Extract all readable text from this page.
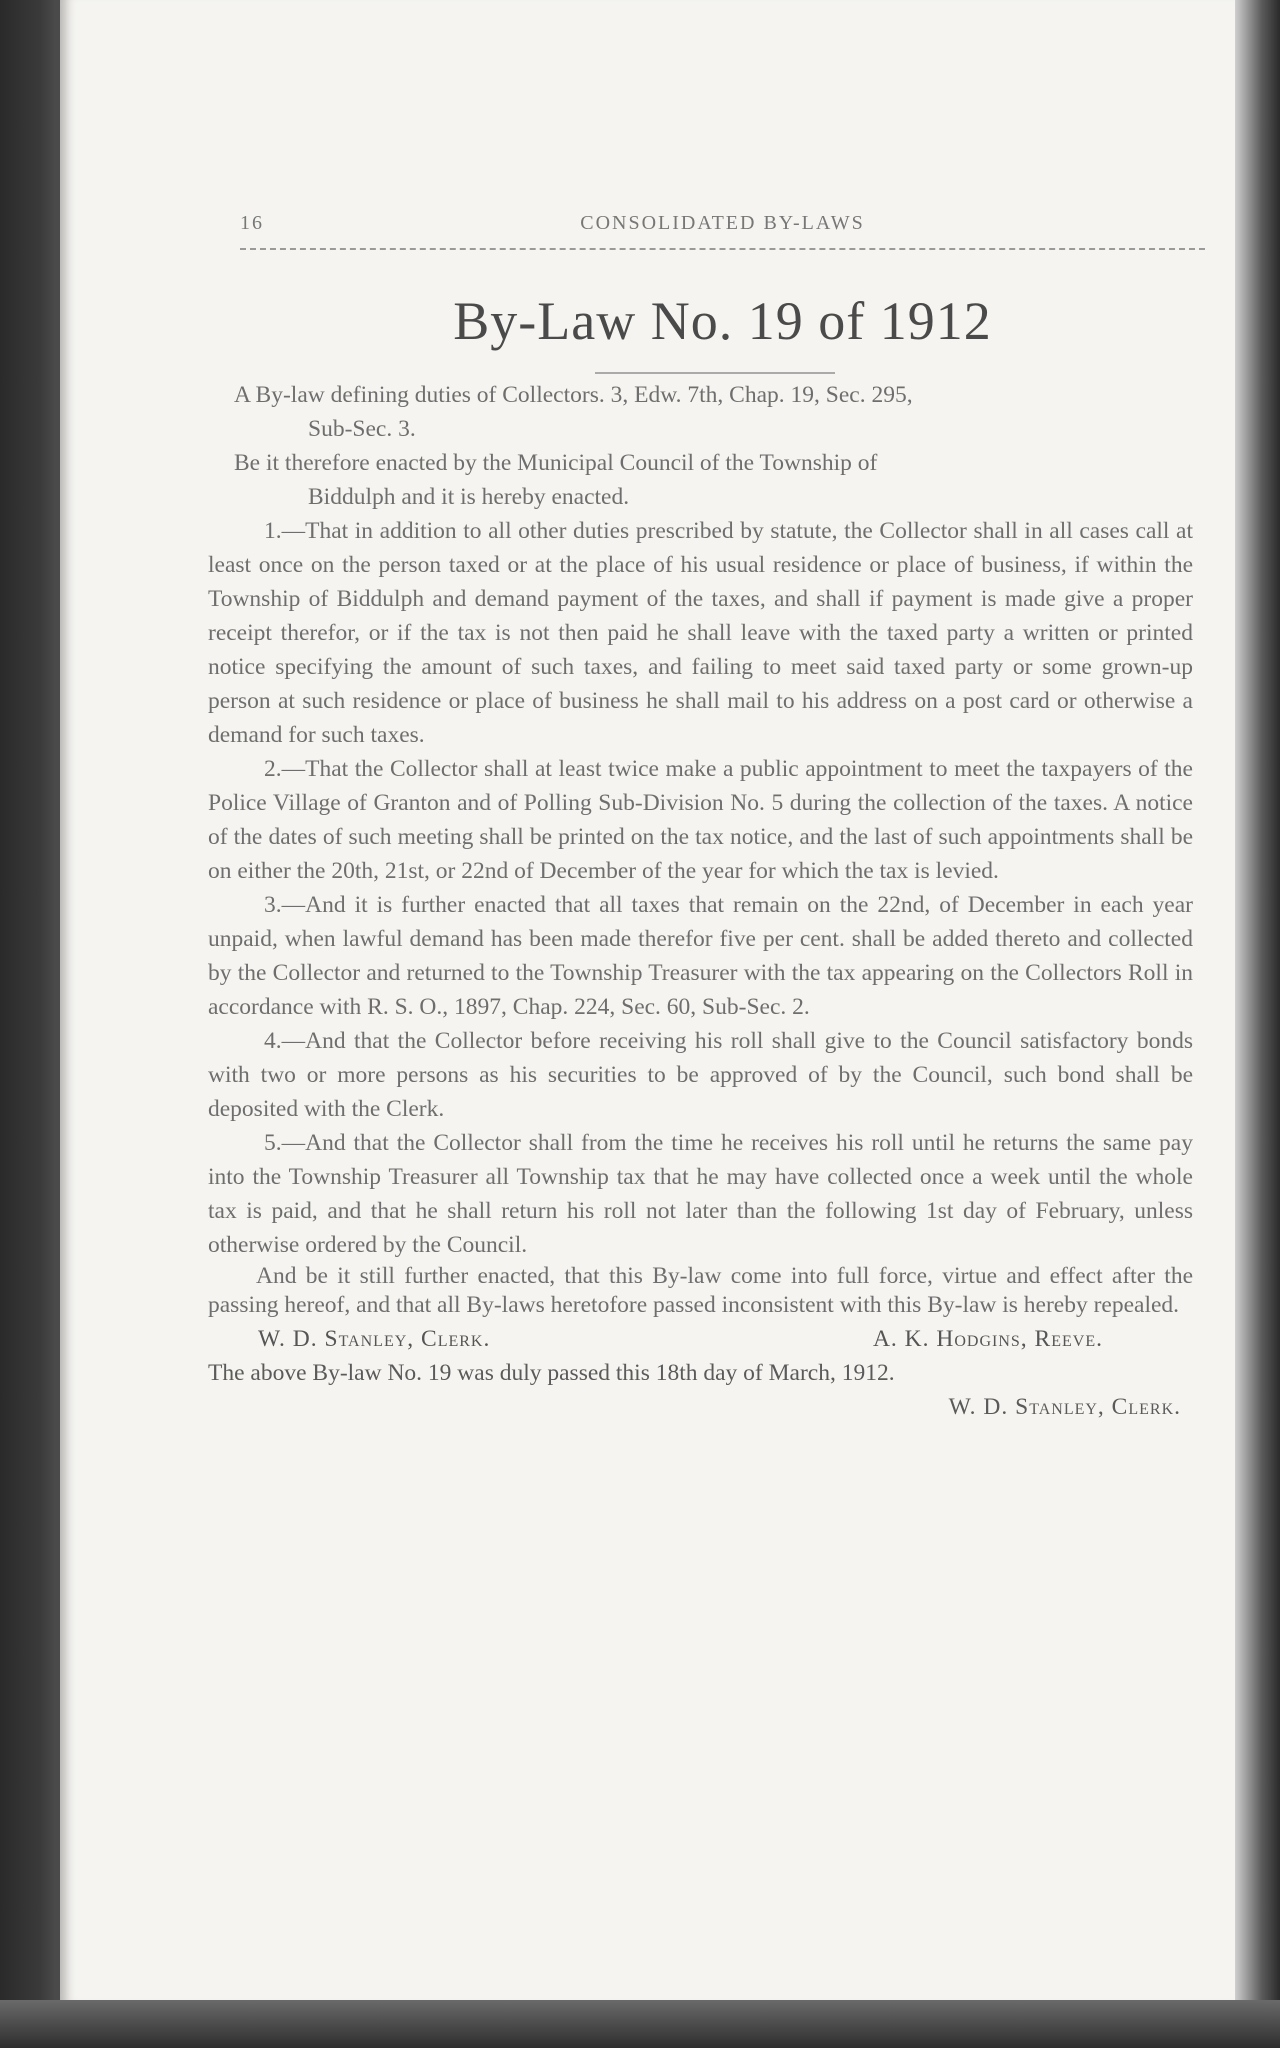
16	CONSOLIDATED BY-LAWS
By-Law No. 19 of 1912

A By-law defining duties of Collectors. 3, Edw. 7th, Chap. 19, Sec. 295,

Sub-Sec. 3.

Be it therefore enacted by the Municipal Council of the Township of

Biddulph and it is hereby enacted.

1.—That in addition to all other duties prescribed by statute, the Collector shall in all cases call at least once on the person taxed or at the place of his usual residence or place of business, if within the Township of Biddulph and demand payment of the taxes, and shall if payment is made give a proper receipt therefor, or if the tax is not then paid he shall leave with the taxed party a written or printed notice specifying the amount of such taxes, and failing to meet said taxed party or some grown-up person at such residence or place of business he shall mail to his address on a post card or otherwise a demand for such taxes.

2.—That the Collector shall at least twice make a public appointment to meet the taxpayers of the Police Village of Granton and of Polling Sub-Division No. 5 during the collection of the taxes. A notice of the dates of such meeting shall be printed on the tax notice, and the last of such appointments shall be on either the 20th, 21st, or 22nd of December of the year for which the tax is levied.

3.—And it is further enacted that all taxes that remain on the 22nd, of December in each year unpaid, when lawful demand has been made therefor five per cent. shall be added thereto and collected by the Collector and returned to the Township Treasurer with the tax appearing on the Collectors Roll in accordance with R. S. O., 1897, Chap. 224, Sec. 60, Sub-Sec. 2.

4.—And that the Collector before receiving his roll shall give to the Council satisfactory bonds with two or more persons as his securities to be approved of by the Council, such bond shall be deposited with the Clerk.

5.—And that the Collector shall from the time he receives his roll until he returns the same pay into the Township Treasurer all Township tax that he may have collected once a week until the whole tax is paid, and that he shall return his roll not later than the following 1st day of February, unless otherwise ordered by the Council.

And be it still further enacted, that this By-law come into full force, virtue and effect after the passing hereof, and that all By-laws heretofore passed inconsistent with this By-law is hereby repealed.

W. D. Stanley, Clerk.	A. K. Hodgins, Reeve.

The above By-law No. 19 was duly passed this 18th day of March, 1912.

W. D. Stanley, Clerk.
